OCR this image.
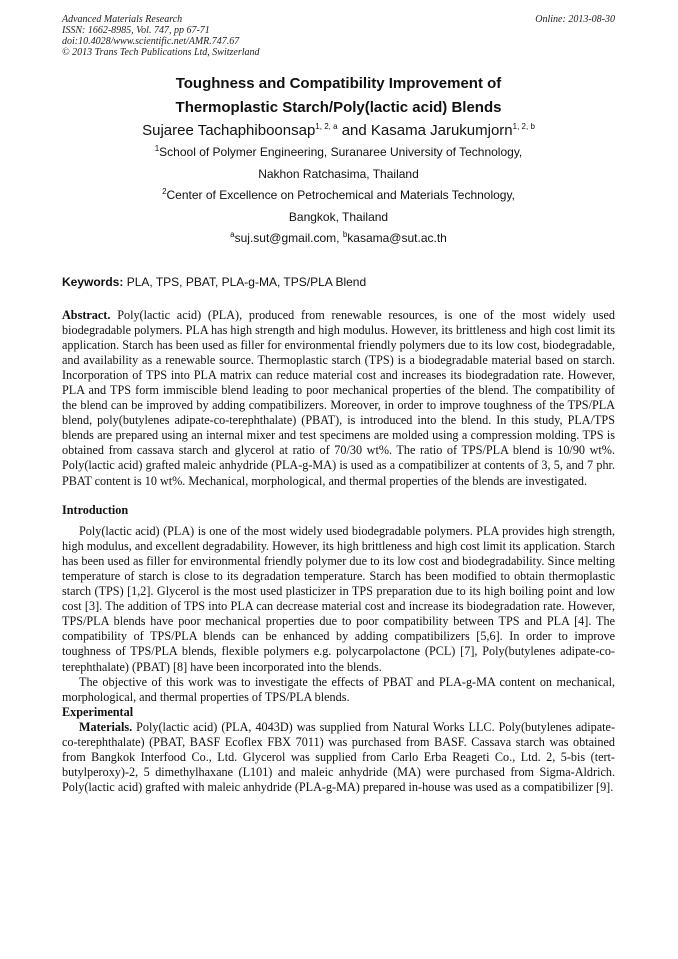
Advanced Materials Research
ISSN: 1662-8985, Vol. 747, pp 67-71
doi:10.4028/www.scientific.net/AMR.747.67
© 2013 Trans Tech Publications Ltd, Switzerland
Online: 2013-08-30
Toughness and Compatibility Improvement of
Thermoplastic Starch/Poly(lactic acid) Blends
Sujaree Tachaphiboonsap$^{1, 2, a}$ and Kasama Jarukumjorn$^{1, 2, b}$
$^1$School of Polymer Engineering, Suranaree University of Technology,
Nakhon Ratchasima, Thailand
$^2$Center of Excellence on Petrochemical and Materials Technology,
Bangkok, Thailand
$^a$suj.sut@gmail.com, $^b$kasama@sut.ac.th
Keywords: PLA, TPS, PBAT, PLA-g-MA, TPS/PLA Blend

Abstract. Poly(lactic acid) (PLA), produced from renewable resources, is one of the most widely used biodegradable polymers. PLA has high strength and high modulus. However, its brittleness and high cost limit its application. Starch has been used as filler for environmental friendly polymers due to its low cost, biodegradable, and availability as a renewable source. Thermoplastic starch (TPS) is a biodegradable material based on starch. Incorporation of TPS into PLA matrix can reduce material cost and increases its biodegradation rate. However, PLA and TPS form immiscible blend leading to poor mechanical properties of the blend. The compatibility of the blend can be improved by adding compatibilizers. Moreover, in order to improve toughness of the TPS/PLA blend, poly(butylenes adipate-co-terephthalate) (PBAT), is introduced into the blend. In this study, PLA/TPS blends are prepared using an internal mixer and test specimens are molded using a compression molding. TPS is obtained from cassava starch and glycerol at ratio of 70/30 wt%. The ratio of TPS/PLA blend is 10/90 wt%. Poly(lactic acid) grafted maleic anhydride (PLA-g-MA) is used as a compatibilizer at contents of 3, 5, and 7 phr. PBAT content is 10 wt%. Mechanical, morphological, and thermal properties of the blends are investigated.

Introduction

Poly(lactic acid) (PLA) is one of the most widely used biodegradable polymers. PLA provides high strength, high modulus, and excellent degradability. However, its high brittleness and high cost limit its application. Starch has been used as filler for environmental friendly polymer due to its low cost and biodegradability. Since melting temperature of starch is close to its degradation temperature. Starch has been modified to obtain thermoplastic starch (TPS) [1,2]. Glycerol is the most used plasticizer in TPS preparation due to its high boiling point and low cost [3]. The addition of TPS into PLA can decrease material cost and increase its biodegradation rate. However, TPS/PLA blends have poor mechanical properties due to poor compatibility between TPS and PLA [4]. The compatibility of TPS/PLA blends can be enhanced by adding compatibilizers [5,6]. In order to improve toughness of TPS/PLA blends, flexible polymers e.g. polycarpolactone (PCL) [7], Poly(butylenes adipate-co-terephthalate) (PBAT) [8] have been incorporated into the blends.

The objective of this work was to investigate the effects of PBAT and PLA-g-MA content on mechanical, morphological, and thermal properties of TPS/PLA blends.

Experimental

Materials. Poly(lactic acid) (PLA, 4043D) was supplied from Natural Works LLC. Poly(butylenes adipate-co-terephthalate) (PBAT, BASF Ecoflex FBX 7011) was purchased from BASF. Cassava starch was obtained from Bangkok Interfood Co., Ltd. Glycerol was supplied from Carlo Erba Reageti Co., Ltd. 2, 5-bis (tert-butylperoxy)-2, 5 dimethylhaxane (L101) and maleic anhydride (MA) were purchased from Sigma-Aldrich. Poly(lactic acid) grafted with maleic anhydride (PLA-g-MA) prepared in-house was used as a compatibilizer [9].
